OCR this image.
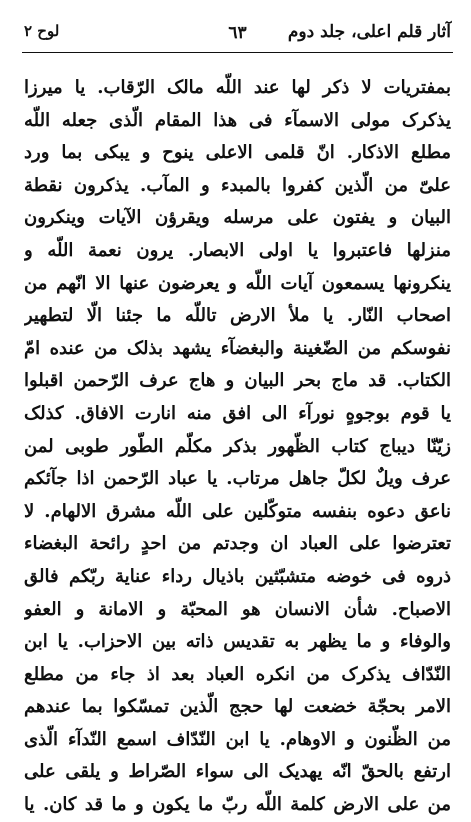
آثار قلم اعلی، جلد دوم
٦٣
لوح ٢
بمفتریات لا ذکر لها عند اللّه مالک الرّقاب. یا میرزا
یذکرک مولی الاسمآء فی هذا المقام الّذی جعله اللّه
مطلع الاذکار. انّ قلمی الاعلی ینوح و یبکی بما ورد
علیّ من الّذین کفروا بالمبدء و المآب. یذکرون نقطة
البیان و یفتون علی مرسله ویقرؤن الآیات وینکرون
منزلها فاعتبروا یا اولی الابصار. یرون نعمة اللّه و
ینکرونها یسمعون آیات اللّه و یعرضون عنها الا انّهم من
اصحاب النّار. یا ملأ الارض تاللّه ما جئنا الّا لتطهیر
نفوسکم من الضّغینة والبغضآء یشهد بذلک من عنده امّ
الکتاب. قد ماج بحر البیان و هاج عرف الرّحمن اقبلوا
یا قوم بوجوهٍ نورآء الی افق منه انارت الافاق. کذلک
زیّنّا دیباج کتاب الظّهور بذکر مکلّم الطّور طوبی لمن
عرف ویلٌ لکلّ جاهل مرتاب. یا عباد الرّحمن اذا جآئکم
ناعق دعوه بنفسه متوکّلین علی اللّه مشرق الالهام. لا
تعترضوا علی العباد ان وجدتم من احدٍ رائحة البغضاء
ذروه فی خوضه متشبّثین باذیال رداء عنایة ربّکم فالق
الاصباح. شأن الانسان هو المحبّة و الامانة و العفو
والوفاء و ما یظهر به تقدیس ذاته بین الاحزاب. یا ابن
النّدّاف یذکرک من انکره العباد بعد اذ جاء من مطلع
الامر بحجّة خضعت لها حجج الّذین تمسّکوا بما عندهم
من الظّنون و الاوهام. یا ابن النّدّاف اسمع النّدآء الّذی
ارتفع بالحقّ انّه یهدیک الی سواء الصّراط و یلقی علی
من علی الارض کلمة اللّه ربّ ما یکون و ما قد کان. یا
